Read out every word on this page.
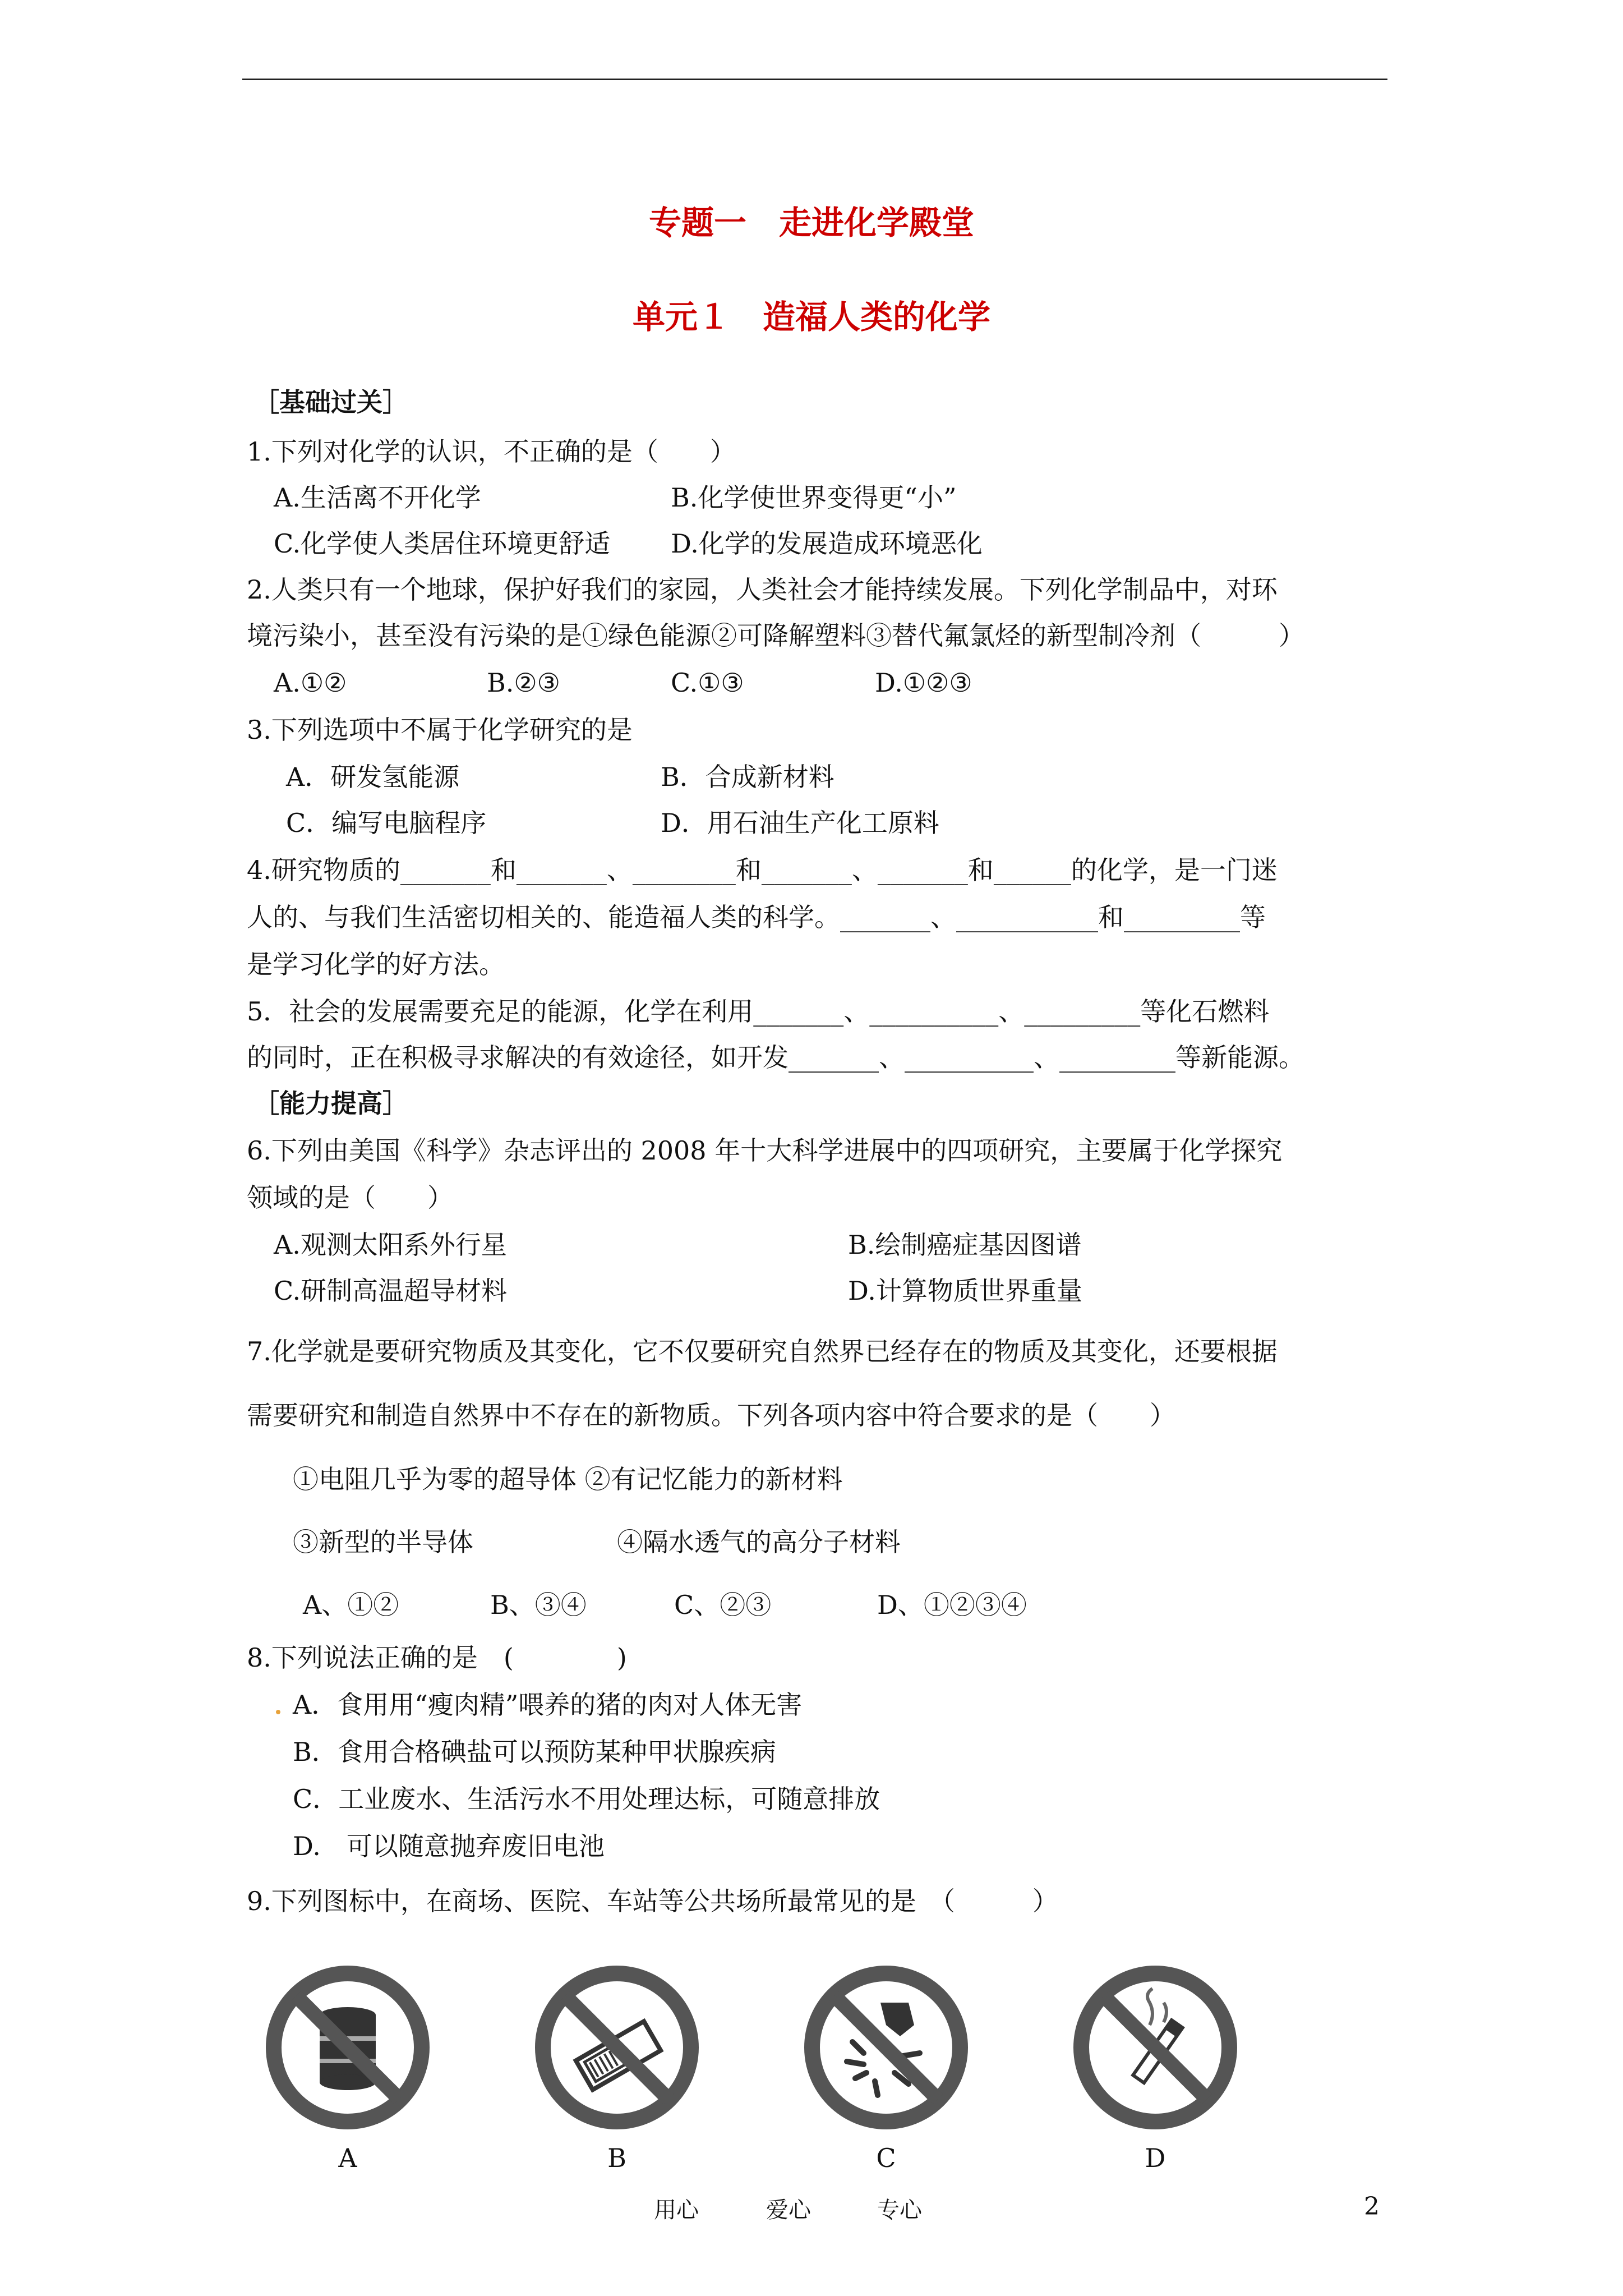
专题一　走进化学殿堂
单元１　造福人类的化学
［基础过关］
1.下列对化学的认识，不正确的是（　　）
A.生活离不开化学	B.化学使世界变得更“小”
C.化学使人类居住环境更舒适 D.化学的发展造成环境恶化
2.人类只有一个地球，保护好我们的家园，人类社会才能持续发展。下列化学制品中，对环
境污染小，甚至没有污染的是①绿色能源②可降解塑料③替代氟氯烃的新型制冷剂（　　　）
A.①②	B.②③	C.①③	D.①②③
3.下列选项中不属于化学研究的是
A．研发氢能源	B．合成新材料
C．编写电脑程序	D．用石油生产化工原料
4.研究物质的_______和_______、________和_______、_______和______的化学，是一门迷
人的、与我们生活密切相关的、能造福人类的科学。_______、___________和_________等
是学习化学的好方法。
5．社会的发展需要充足的能源，化学在利用_______、__________、_________等化石燃料
的同时，正在积极寻求解决的有效途径，如开发_______、__________、_________等新能源。
［能力提高］
6.下列由美国《科学》杂志评出的 2008 年十大科学进展中的四项研究，主要属于化学探究
领域的是（　　）
A.观测太阳系外行星	B.绘制癌症基因图谱
C.研制高温超导材料	D.计算物质世界重量
7.化学就是要研究物质及其变化，它不仅要研究自然界已经存在的物质及其变化，还要根据
需要研究和制造自然界中不存在的新物质。下列各项内容中符合要求的是（　　）
①电阻几乎为零的超导体 ②有记忆能力的新材料
③新型的半导体	④隔水透气的高分子材料
A、①②	B、③④	C、②③	D、①②③④
8.下列说法正确的是　(　　　　)
A．食用用“瘦肉精”喂养的猪的肉对人体无害
B．食用合格碘盐可以预防某种甲状腺疾病
C．工业废水、生活污水不用处理达标，可随意排放
D.　可以随意抛弃废旧电池
9.下列图标中，在商场、医院、车站等公共场所最常见的是　（　　　）
A	B	C	D
用心	爱心	专心	2
